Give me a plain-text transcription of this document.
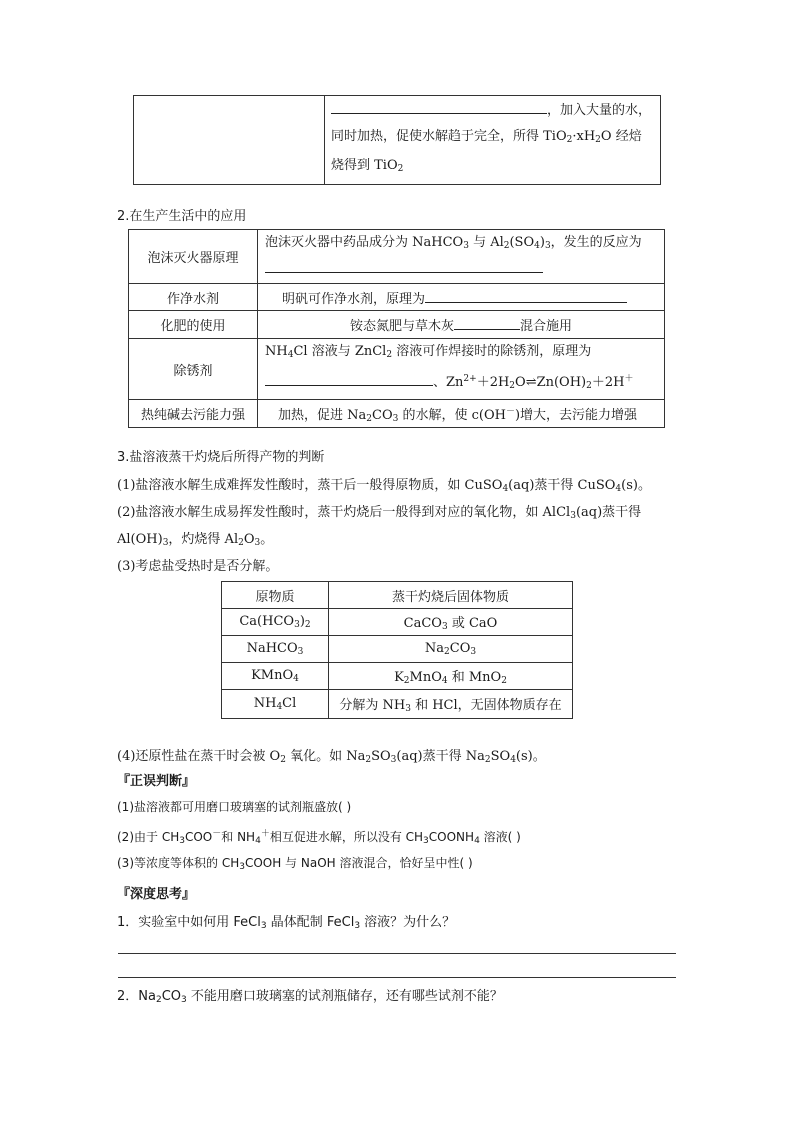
，加入大量的水，
同时加热，促使水解趋于完全，所得 $TiO_2\cdot xH_2O$ 经焙
烧得到 TiO$_2$
2.在生产生活中的应用
泡沫灭火器原理	泡沫灭火器中药品成分为 NaHCO$_3$ 与 $Al_2(SO_4)_3$，发生的反应为

作净水剂	明矾可作净水剂，原理为
化肥的使用	铵态氮肥与草木灰 混合施用
除锈剂	$NH_4Cl$ 溶液与 ZnCl$_2$ 溶液可作焊接时的除锈剂，原理为
、$Zn^{2+}+2H_2O\rightleftharpoons Zn(OH)_2+2H^+$

热纯碱去污能力强	加热，促进 $Na_2CO_3$ 的水解，使 c(OH－)增大，去污能力增强
3.盐溶液蒸干灼烧后所得产物的判断
(1)盐溶液水解生成难挥发性酸时，蒸干后一般得原物质，如 CuSO$_4$(aq)蒸干得 CuSO$_4$(s)。
(2)盐溶液水解生成易挥发性酸时，蒸干灼烧后一般得到对应的氧化物，如 AlCl$_3$(aq)蒸干得
$Al(OH)_3$，灼烧得 $Al_2O_3$。
(3)考虑盐受热时是否分解。
原物质	蒸干灼烧后固体物质
$Ca(HCO_3)_2$	CaCO$_3$ 或 CaO
NaHCO$_3$	$Na_2CO_3$
KMnO$_4$	$K_2MnO_4$ 和 MnO$_2$
$NH_4Cl$	分解为 $NH_3$ 和 HCl，无固体物质存在
(4)还原性盐在蒸干时会被 $O_2$ 氧化。如 $Na_2SO_3(aq)$蒸干得 $Na_2SO_4(s)$。
『正误判断』
(1)盐溶液都可用磨口玻璃塞的试剂瓶盛放( )
(2)由于 $CH_3COO^-$和 $NH_4^+$相互促进水解，所以没有 $CH_3COONH_4$ 溶液( )
(3)等浓度等体积的 $CH_3COOH$ 与 NaOH 溶液混合，恰好呈中性( )
『深度思考』
1．实验室中如何用 FeCl$_3$ 晶体配制 FeCl$_3$ 溶液？为什么？
2．$Na_2CO_3$ 不能用磨口玻璃塞的试剂瓶储存，还有哪些试剂不能？
